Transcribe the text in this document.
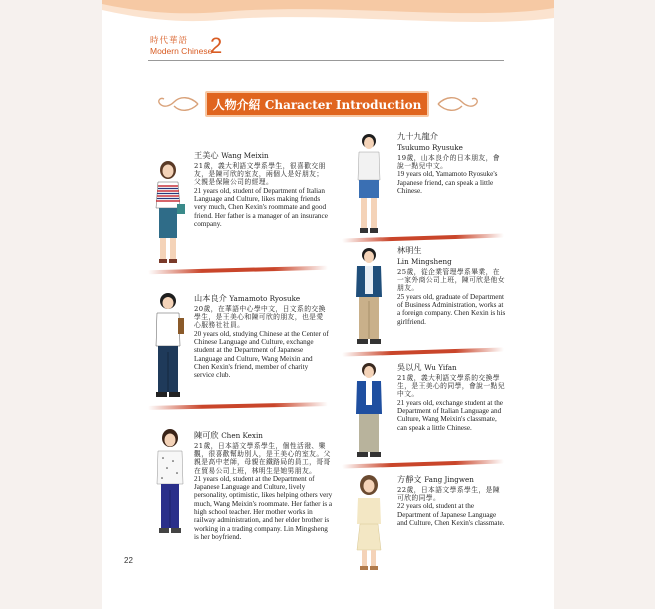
時代華語
Modern Chinese
2
人物介紹 Character Introduction
王美心 Wang Meixin
21歲，義大利語文學系學生，很喜歡交朋友，是陳可欣的室友，兩個人是好朋友；父親是保險公司的經理。
21 years old, student of Department of Italian Language and Culture, likes making friends very much, Chen Kexin's roommate and good friend. Her father is a manager of an insurance company.
九十九龍介
Tsukumo Ryusuke
19歲，山本良介的日本朋友，會說一點兒中文。
19 years old, Yamamoto Ryosuke's Japanese friend, can speak a little Chinese.
山本良介 Yamamoto Ryosuke
20歲，在華語中心學中文，日文系的交換學生，是王美心和陳可欣的朋友，也是愛心服務社社員。
20 years old, studying Chinese at the Center of Chinese Language and Culture, exchange student at the Department of Japanese Language and Culture, Wang Meixin and Chen Kexin's friend, member of charity service club.
林明生
Lin Mingsheng
25歲，從企業管理學系畢業，在一家外商公司上班，陳可欣是他女朋友。
25 years old, graduate of Department of Business Administration, works at a foreign company. Chen Kexin is his girlfriend.
吳以凡 Wu Yifan
21歲，義大利語文學系的交換學生，是王美心的同學，會說一點兒中文。
21 years old, exchange student at the Department of Italian Language and Culture, Wang Meixin's classmate, can speak a little Chinese.
陳可欣 Chen Kexin
21歲，日本語文學系學生，個性活潑、樂觀，很喜歡幫助別人，是王美心的室友。父親是高中老師，母親在鐵路局的員工，哥哥在貿易公司上班，林明生是她男朋友。
21 years old, student at the Department of Japanese Language and Culture, lively personality, optimistic, likes helping others very much, Wang Meixin's roommate. Her father is a high school teacher. Her mother works in railway administration, and her elder brother is working in a trading company. Lin Mingsheng is her boyfriend.
方靜文 Fang Jingwen
22歲，日本語文學系學生，是陳可欣的同學。
22 years old, student at the Department of Japanese Language and Culture, Chen Kexin's classmate.
22
